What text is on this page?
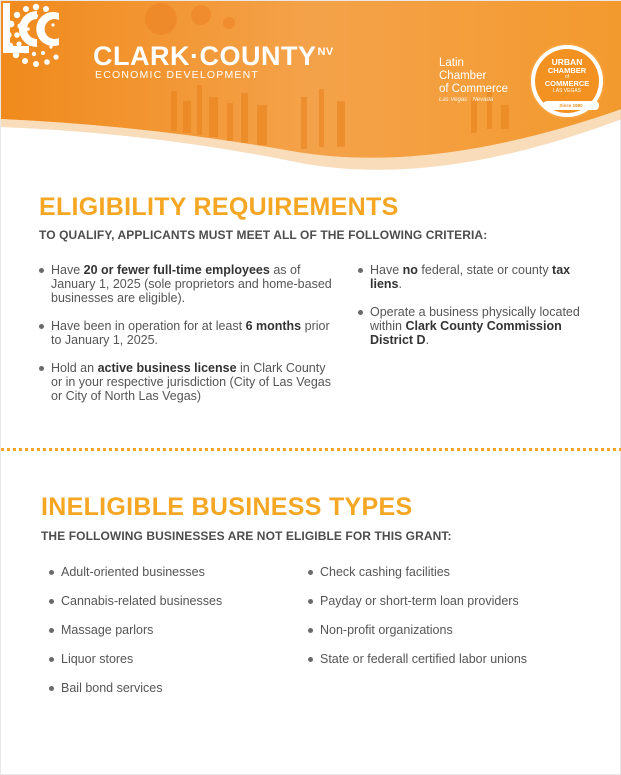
$CLARK\cdot COUNTY^{NV}$
ECONOMIC DEVELOPMENT
Latin
Chamber
of Commerce
Las Vegas · Nevada
URBAN
CHAMBER
of
COMMERCE
LAS VEGAS
Since 1980
ELIGIBILITY REQUIREMENTS
TO QUALIFY, APPLICANTS MUST MEET ALL OF THE FOLLOWING CRITERIA:
Have 20 or fewer full-time employees as of January 1, 2025 (sole proprietors and home-based businesses are eligible).
Have been in operation for at least 6 months prior to January 1, 2025.
Hold an active business license in Clark County or in your respective jurisdiction (City of Las Vegas or City of North Las Vegas)
Have no federal, state or county tax liens.
Operate a business physically located within Clark County Commission District D.
INELIGIBLE BUSINESS TYPES
THE FOLLOWING BUSINESSES ARE NOT ELIGIBLE FOR THIS GRANT:
Adult-oriented businesses
Cannabis-related businesses
Massage parlors
Liquor stores
Bail bond services
Check cashing facilities
Payday or short-term loan providers
Non-profit organizations
State or federall certified labor unions
